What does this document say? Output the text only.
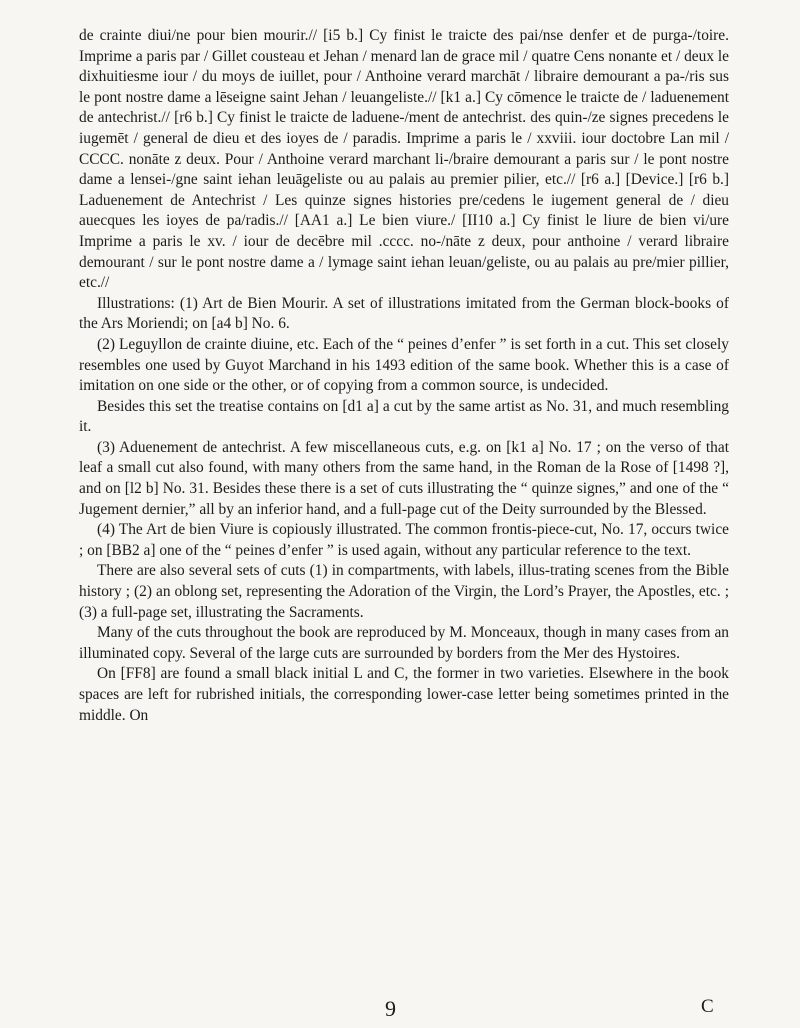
de crainte diui/ne pour bien mourir.// [i5 b.] Cy finist le traicte des pai/nse denfer et de purga-/toire. Imprime a paris par / Gillet cousteau et Jehan / menard lan de grace mil / quatre Cens nonante et / deux le dixhuitiesme iour / du moys de iuillet, pour / Anthoine verard marchāt / libraire demourant a pa-/ris sus le pont nostre dame a lēseigne saint Jehan / leuangeliste.// [k1 a.] Cy cōmence le traicte de / laduenement de antechrist.// [r6 b.] Cy finist le traicte de laduene-/ment de antechrist. des quin-/ze signes precedens le iugemēt / general de dieu et des ioyes de / paradis. Imprime a paris le / xxviii. iour doctobre Lan mil / CCCC. nonāte z deux. Pour / Anthoine verard marchant li-/braire demourant a paris sur / le pont nostre dame a lensei-/gne saint iehan leuāgeliste ou au palais au premier pilier, etc.// [r6 a.] [Device.] [r6 b.] Laduenement de Antechrist / Les quinze signes histories pre/cedens le iugement general de / dieu auecques les ioyes de pa/radis.// [AA1 a.] Le bien viure./ [II10 a.] Cy finist le liure de bien vi/ure Imprime a paris le xv. / iour de decēbre mil .cccc. no-/nāte z deux, pour anthoine / verard libraire demourant / sur le pont nostre dame a / lymage saint iehan leuan/geliste, ou au palais au pre/mier pillier, etc.//

Illustrations: (1) Art de Bien Mourir. A set of illustrations imitated from the German block-books of the Ars Moriendi; on [a4 b] No. 6.

(2) Leguyllon de crainte diuine, etc. Each of the “ peines d’enfer ” is set forth in a cut. This set closely resembles one used by Guyot Marchand in his 1493 edition of the same book. Whether this is a case of imitation on one side or the other, or of copying from a common source, is undecided.

Besides this set the treatise contains on [d1 a] a cut by the same artist as No. 31, and much resembling it.

(3) Aduenement de antechrist. A few miscellaneous cuts, e.g. on [k1 a] No. 17 ; on the verso of that leaf a small cut also found, with many others from the same hand, in the Roman de la Rose of [1498 ?], and on [l2 b] No. 31. Besides these there is a set of cuts illustrating the “ quinze signes,” and one of the “ Jugement dernier,” all by an inferior hand, and a full-page cut of the Deity surrounded by the Blessed.

(4) The Art de bien Viure is copiously illustrated. The common frontis-piece-cut, No. 17, occurs twice ; on [BB2 a] one of the “ peines d’enfer ” is used again, without any particular reference to the text.

There are also several sets of cuts (1) in compartments, with labels, illus-trating scenes from the Bible history ; (2) an oblong set, representing the Adoration of the Virgin, the Lord’s Prayer, the Apostles, etc. ; (3) a full-page set, illustrating the Sacraments.

Many of the cuts throughout the book are reproduced by M. Monceaux, though in many cases from an illuminated copy. Several of the large cuts are surrounded by borders from the Mer des Hystoires.

On [FF8] are found a small black initial L and C, the former in two varieties. Elsewhere in the book spaces are left for rubrished initials, the corresponding lower-case letter being sometimes printed in the middle. On

9	C
